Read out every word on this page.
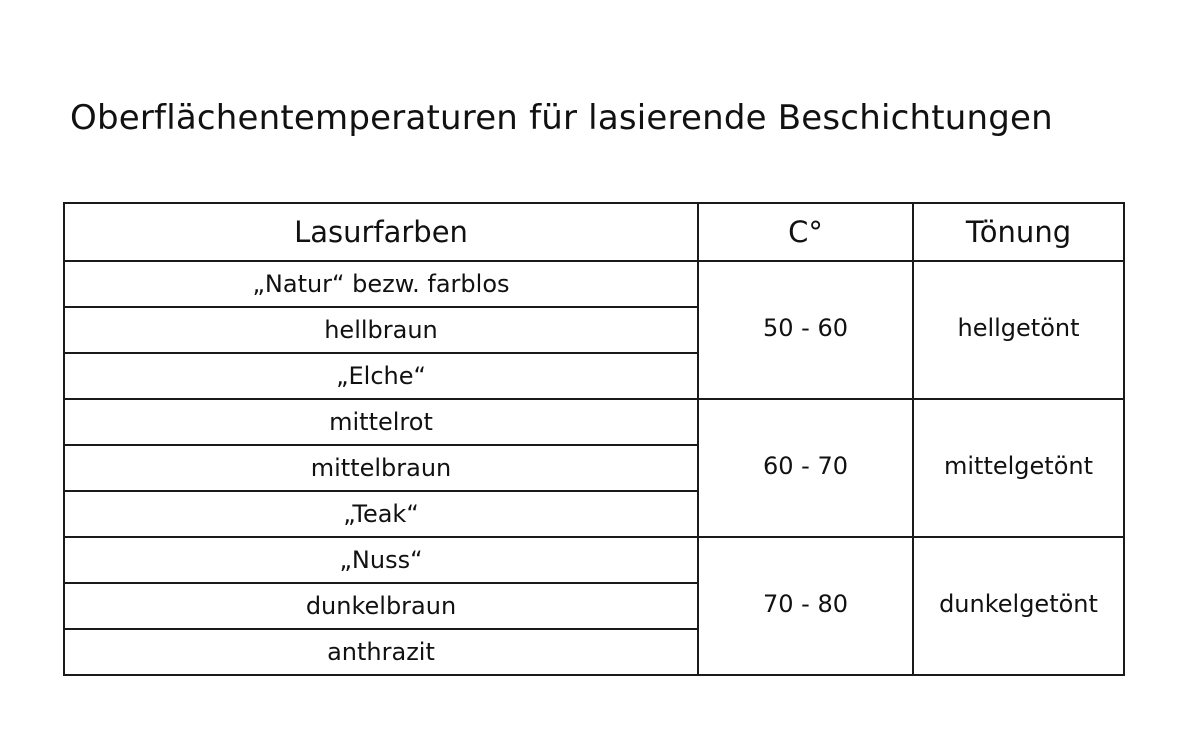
Oberflächentemperaturen für lasierende Beschichtungen
Lasurfarben	C°	Tönung
„Natur“ bezw. farblos	50 - 60	hellgetönt
hellbraun		
„Elche“		
mittelrot	60 - 70	mittelgetönt
mittelbraun		
„Teak“		
„Nuss“	70 - 80	dunkelgetönt
dunkelbraun		
anthrazit		
